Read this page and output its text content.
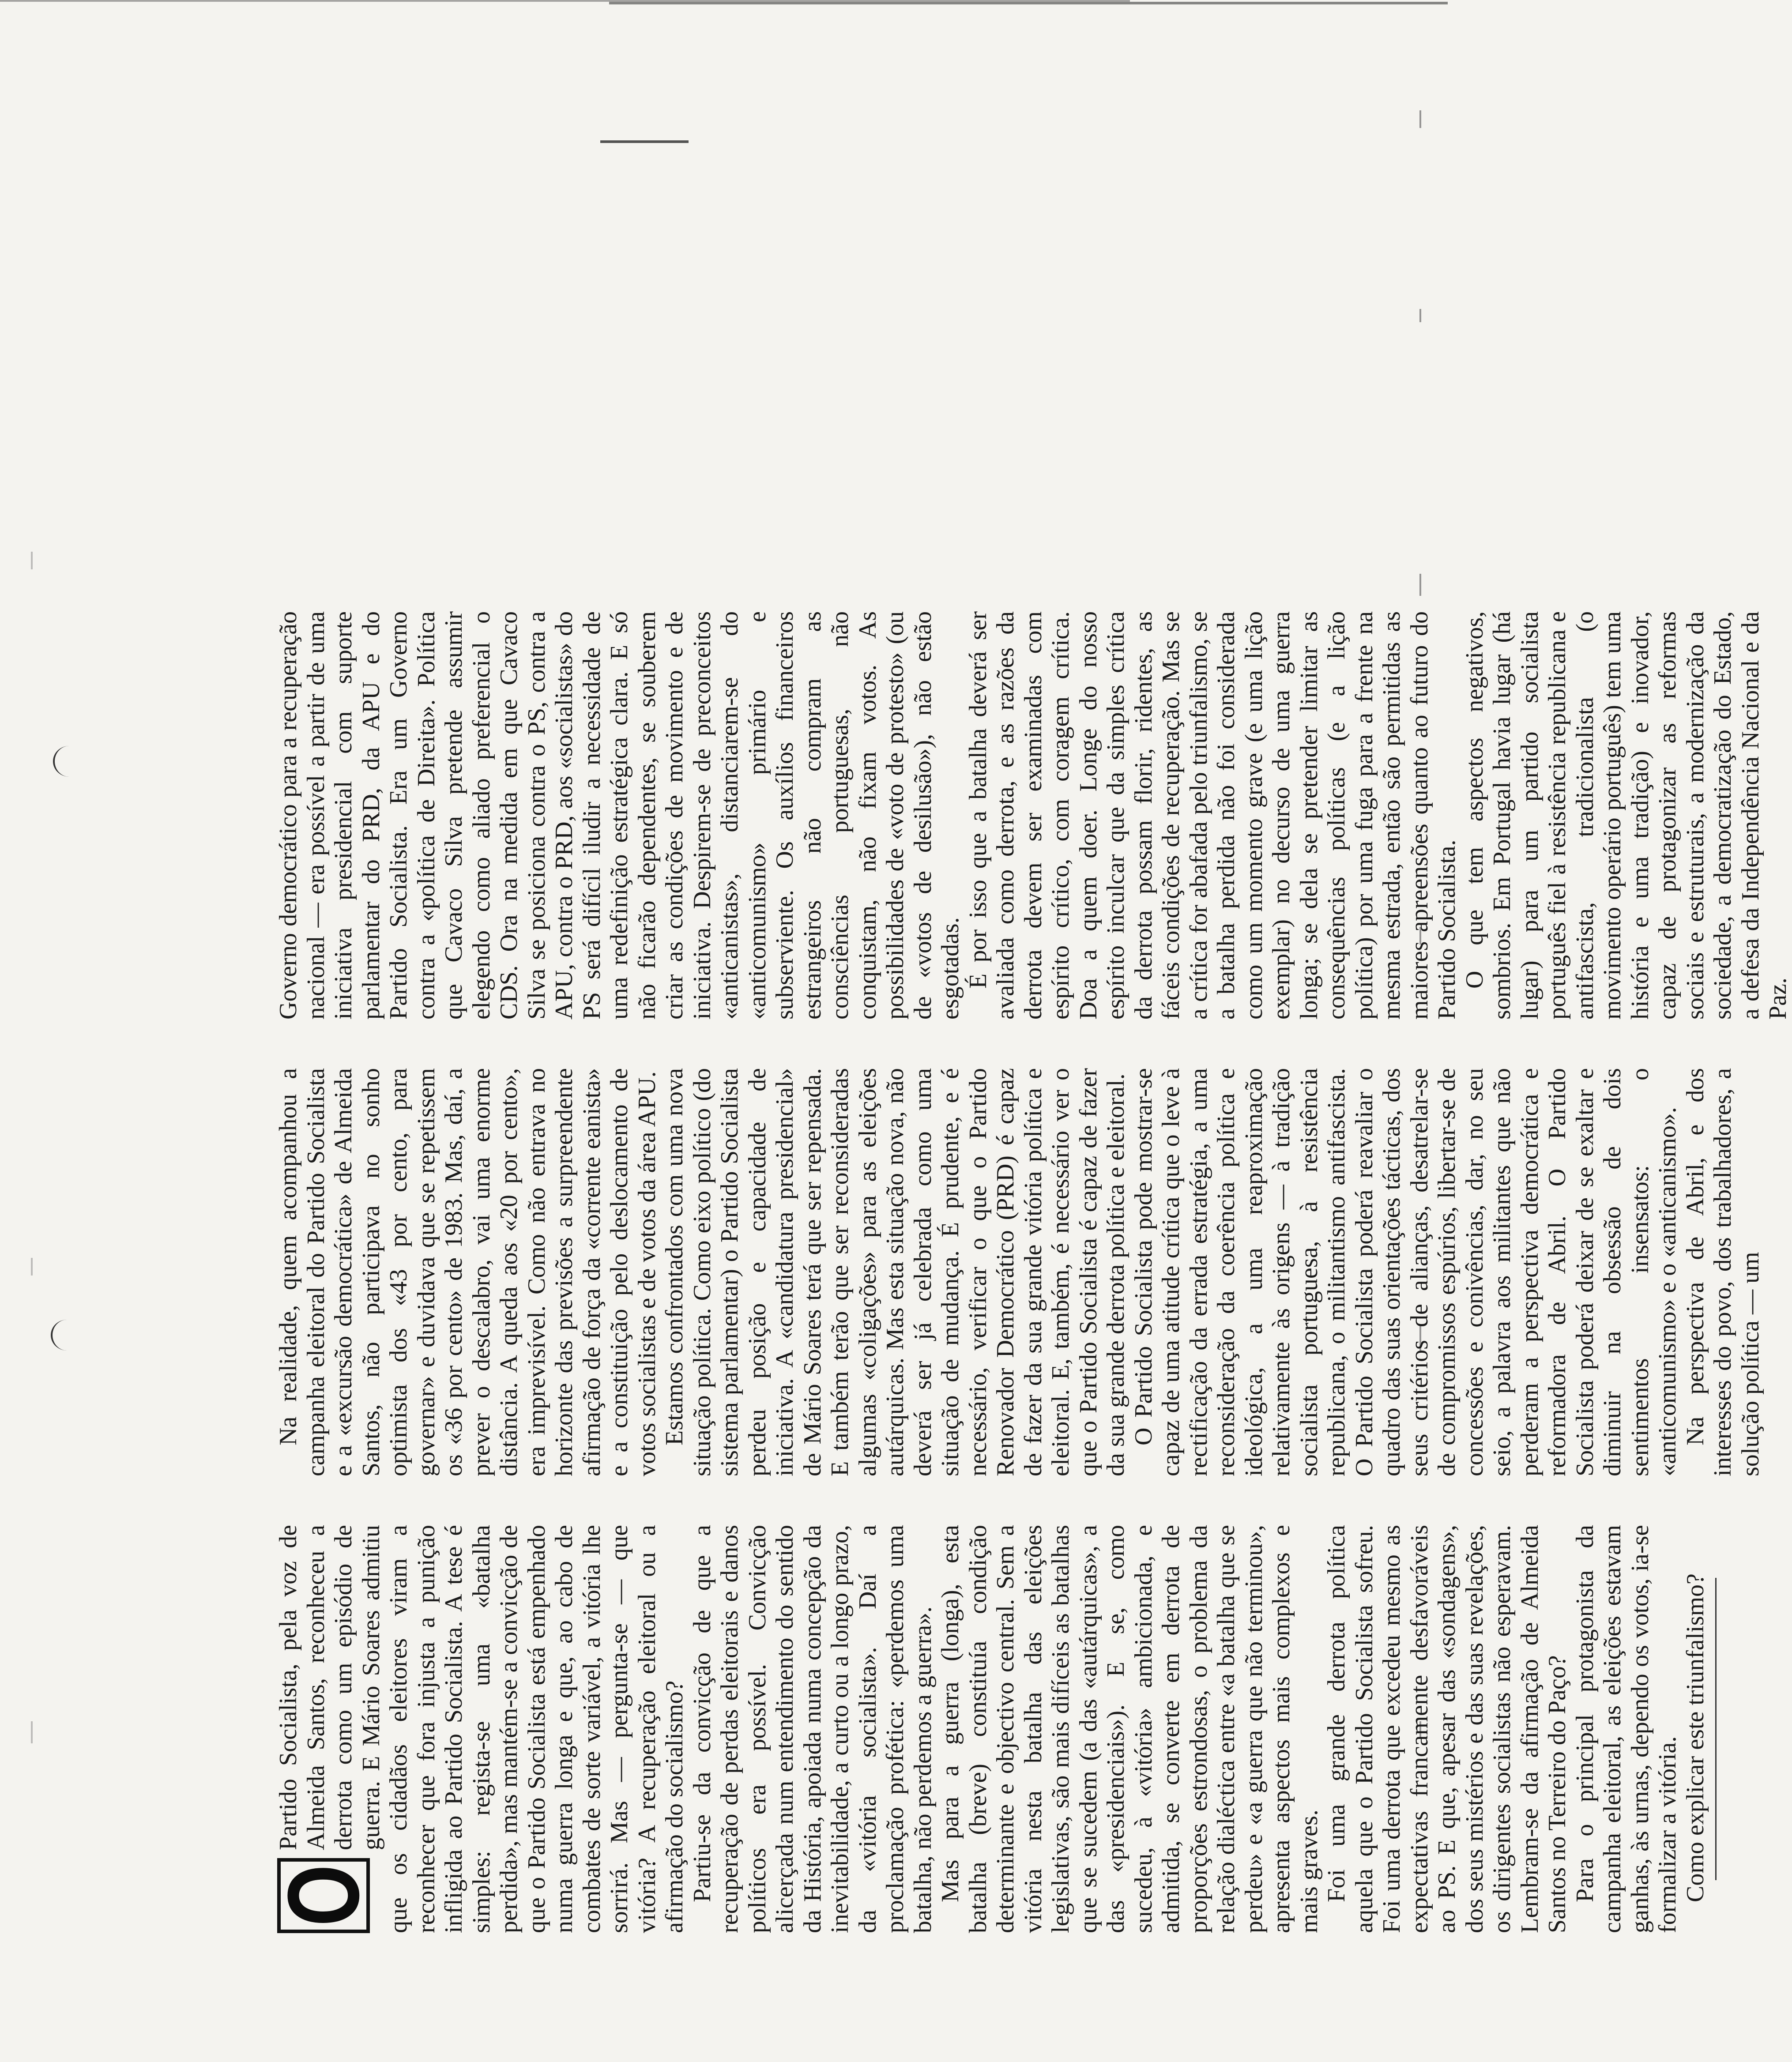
O
Partido Socialista, pela voz de Almeida Santos, reconheceu a derrota como um episódio de guerra. E Mário Soares admitiu que os cidadãos eleitores viram a reconhecer que fora injusta a punição infligida ao Partido Socialista. A tese é simples: regista-se uma «batalha perdida», mas mantém-se a convicção de que o Partido Socialista está empenhado numa guerra longa e que, ao cabo de combates de sorte variável, a vitória lhe sorrirá. Mas — pergunta-se — que vitória? A recuperação eleitoral ou a afirmação do socialismo? Partiu-se da convicção de que a recuperação de perdas eleitorais e danos políticos era possível. Convicção alicerçada num entendimento do sentido da História, apoiada numa concepção da inevitabilidade, a curto ou a longo prazo, da «vitória socialista». Daí a proclamação profética: «perdemos uma batalha, não perdemos a guerra». Mas para a guerra (longa), esta batalha (breve) constituía condição determinante e objectivo central. Sem a vitória nesta batalha das eleições legislativas, são mais difíceis as batalhas que se sucedem (a das «autárquicas», a das «presidenciais»). E se, como sucedeu, à «vitória» ambicionada, e admitida, se converte em derrota de proporções estrondosas, o problema da relação dialéctica entre «a batalha que se perdeu» e «a guerra que não terminou», apresenta aspectos mais complexos e mais graves. Foi uma grande derrota política aquela que o Partido Socialista sofreu. Foi uma derrota que excedeu mesmo as expectativas francamente desfavoráveis ao PS. E que, apesar das «sondagens», dos seus mistérios e das suas revelações, os dirigentes socialistas não esperavam. Lembram-se da afirmação de Almeida Santos no Terreiro do Paço? Para o principal protagonista da campanha eleitoral, as eleições estavam ganhas, às urnas, dependo os votos, ia-se formalizar a vitória. Como explicar este triunfalismo?

Na realidade, quem acompanhou a campanha eleitoral do Partido Socialista e a «excursão democrática» de Almeida Santos, não participava no sonho optimista dos «43 por cento, para governar» e duvidava que se repetissem os «36 por cento» de 1983. Mas, daí, a prever o descalabro, vai uma enorme distância. A queda aos «20 por cento», era imprevisível. Como não entrava no horizonte das previsões a surpreendente afirmação de força da «corrente eanista» e a constituição pelo deslocamento de votos socialistas e de votos da área APU. Estamos confrontados com uma nova situação política. Como eixo político (do sistema parlamentar) o Partido Socialista perdeu posição e capacidade de iniciativa. A «candidatura presidencial» de Mário Soares terá que ser repensada. E também terão que ser reconsideradas algumas «coligações» para as eleições autárquicas. Mas esta situação nova, não deverá ser já celebrada como uma situação de mudança. É prudente, e é necessário, verificar o que o Partido Renovador Democrático (PRD) é capaz de fazer da sua grande vitória política e eleitoral. E, também, é necessário ver o que o Partido Socialista é capaz de fazer da sua grande derrota política e eleitoral. O Partido Socialista pode mostrar-se capaz de uma atitude crítica que o leve à rectificação da errada estratégia, a uma reconsideração da coerência política e ideológica, a uma reaproximação relativamente às origens — à tradição socialista portuguesa, à resistência republicana, o militantismo antifascista. O Partido Socialista poderá reavaliar o quadro das suas orientações tácticas, dos seus critérios de alianças, desatrelar-se de compromissos espúrios, libertar-se de concessões e conivências, dar, no seu seio, a palavra aos militantes que não perderam a perspectiva democrática e reformadora de Abril. O Partido Socialista poderá deixar de se exaltar e diminuir na obsessão de dois sentimentos insensatos: o «anticomunismo» e o «anticanismo». Na perspectiva de Abril, e dos interesses do povo, dos trabalhadores, a solução política — um

Governo democrático para a recuperação nacional — era possível a partir de uma iniciativa presidencial com suporte parlamentar do PRD, da APU e do Partido Socialista. Era um Governo contra a «política de Direita». Política que Cavaco Silva pretende assumir elegendo como aliado preferencial o CDS. Ora na medida em que Cavaco Silva se posiciona contra o PS, contra a APU, contra o PRD, aos «socialistas» do PS será difícil iludir a necessidade de uma redefinição estratégica clara. E só não ficarão dependentes, se souberem criar as condições de movimento e de iniciativa. Despirem-se de preconceitos «anticanistas», distanciarem-se do «anticomunismo» primário e subserviente. Os auxílios financeiros estrangeiros não compram as consciências portuguesas, não conquistam, não fixam votos. As possibilidades de «voto de protesto» (ou de «votos de desilusão»), não estão esgotadas. É por isso que a batalha deverá ser avaliada como derrota, e as razões da derrota devem ser examinadas com espírito crítico, com coragem crítica. Doa a quem doer. Longe do nosso espírito inculcar que da simples crítica da derrota possam florir, ridentes, as fáceis condições de recuperação. Mas se a crítica for abafada pelo triunfalismo, se a batalha perdida não foi considerada como um momento grave (e uma lição exemplar) no decurso de uma guerra longa; se dela se pretender limitar as consequências políticas (e a lição política) por uma fuga para a frente na mesma estrada, então são permitidas as maiores apreensões quanto ao futuro do Partido Socialista. O que tem aspectos negativos, sombrios. Em Portugal havia lugar (há lugar) para um partido socialista português fiel à resistência republicana e antifascista, tradicionalista (o movimento operário português) tem uma história e uma tradição) e inovador, capaz de protagonizar as reformas sociais e estruturais, a modernização da sociedade, a democratização do Estado, a defesa da Independência Nacional e da Paz.
